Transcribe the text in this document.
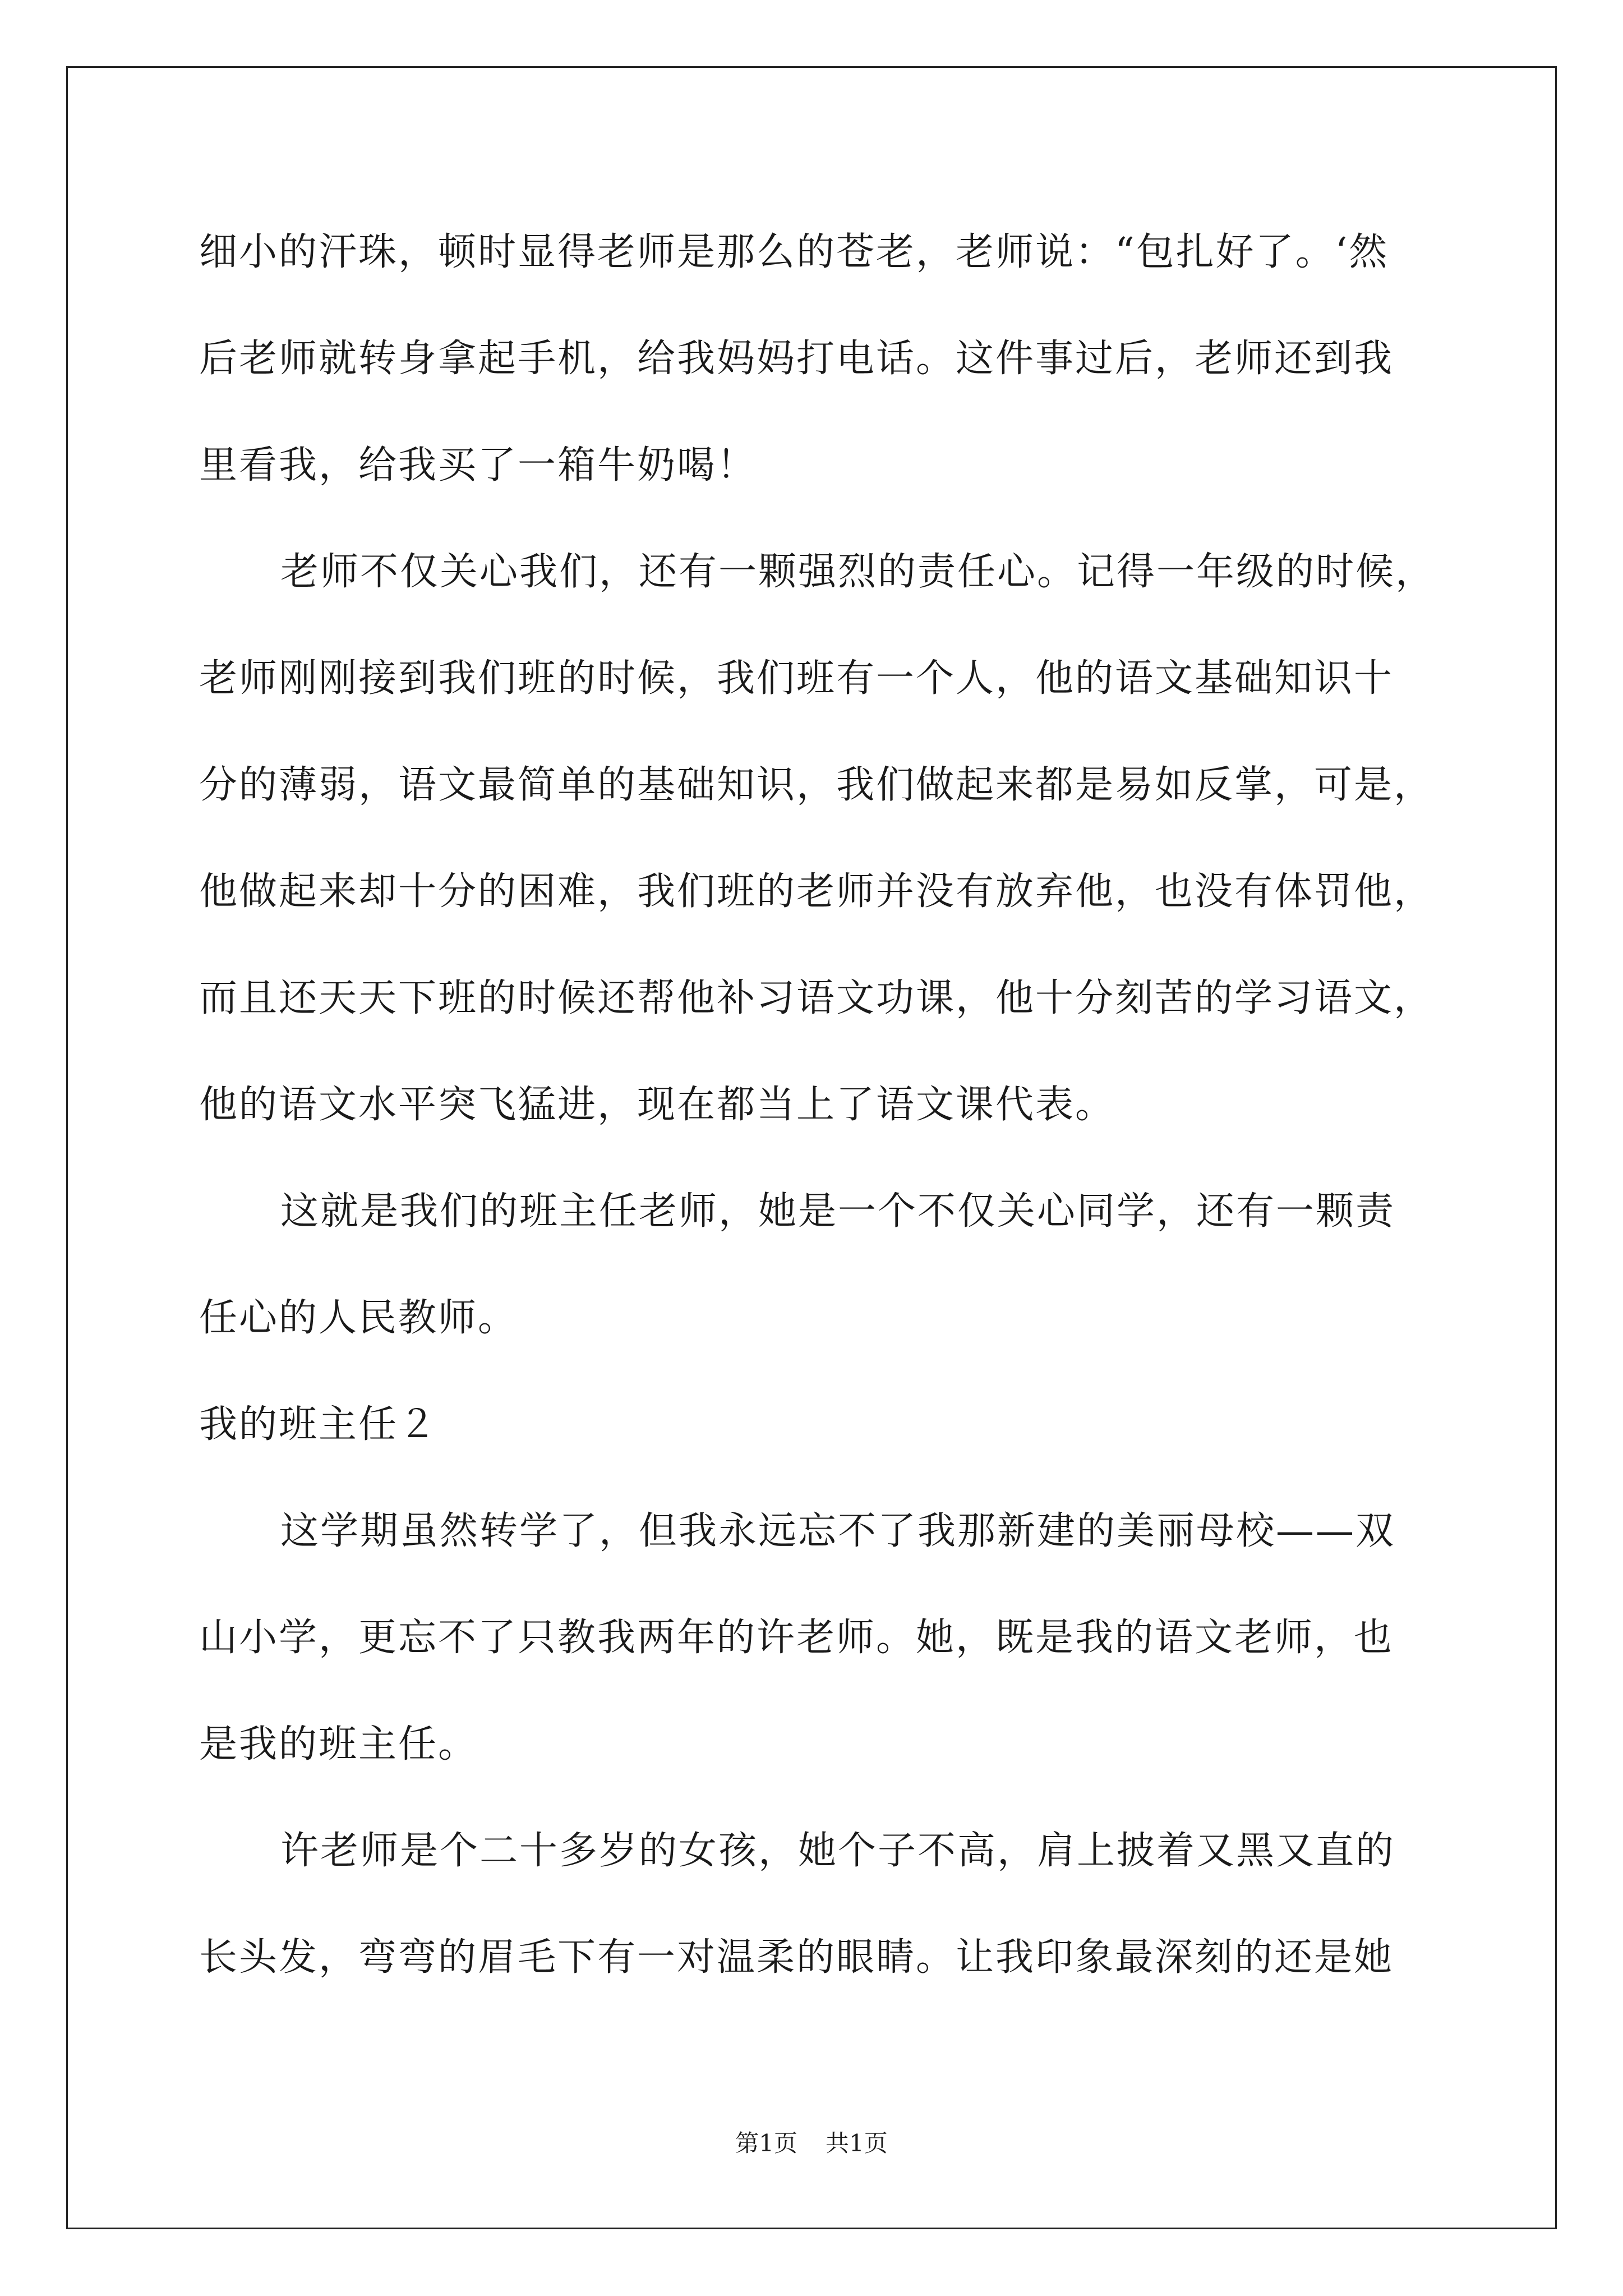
细小的汗珠，顿时显得老师是那么的苍老，老师说：“包扎好了。‘然
后老师就转身拿起手机，给我妈妈打电话。这件事过后，老师还到我
里看我，给我买了一箱牛奶喝！
老师不仅关心我们，还有一颗强烈的责任心。记得一年级的时候，
老师刚刚接到我们班的时候，我们班有一个人，他的语文基础知识十
分的薄弱，语文最简单的基础知识，我们做起来都是易如反掌，可是，
他做起来却十分的困难，我们班的老师并没有放弃他，也没有体罚他，
而且还天天下班的时候还帮他补习语文功课，他十分刻苦的学习语文，
他的语文水平突飞猛进，现在都当上了语文课代表。
这就是我们的班主任老师，她是一个不仅关心同学，还有一颗责
任心的人民教师。
我的班主任２
这学期虽然转学了，但我永远忘不了我那新建的美丽母校——双
山小学，更忘不了只教我两年的许老师。她，既是我的语文老师，也
是我的班主任。
许老师是个二十多岁的女孩，她个子不高，肩上披着又黑又直的
长头发，弯弯的眉毛下有一对温柔的眼睛。让我印象最深刻的还是她
第1页 共1页
